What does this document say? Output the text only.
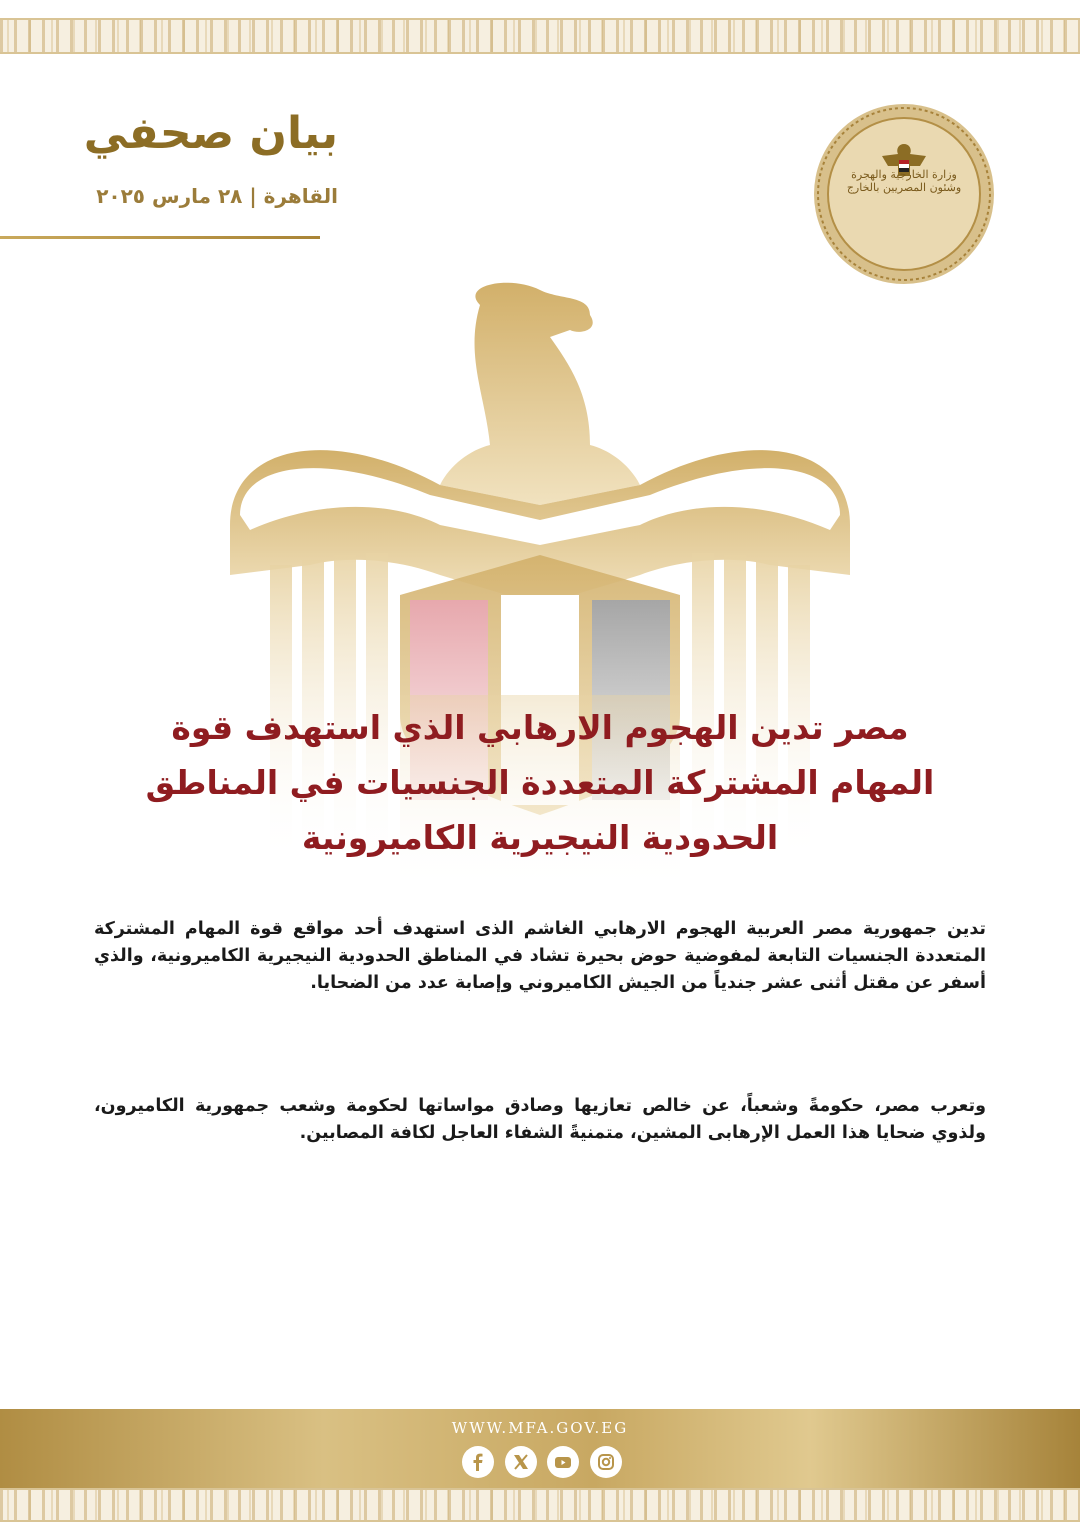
بيان صحفي
القاهرة | ٢٨ مارس ٢٠٢٥
وزارة الخارجية والهجرة وشئون المصريين بالخارج
مصر تدين الهجوم الارهابي الذي استهدف قوة المهام المشتركة المتعددة الجنسيات في المناطق الحدودية النيجيرية الكاميرونية

تدين جمهورية مصر العربية الهجوم الارهابي الغاشم الذى استهدف أحد مواقع قوة المهام المشتركة المتعددة الجنسيات التابعة لمفوضية حوض بحيرة تشاد في المناطق الحدودية النيجيرية الكاميرونية، والذي أسفر عن مقتل أثنى عشر جندياً من الجيش الكاميروني وإصابة عدد من الضحايا.

وتعرب مصر، حكومةً وشعباً، عن خالص تعازيها وصادق مواساتها لحكومة وشعب جمهورية الكاميرون، ولذوي ضحايا هذا العمل الإرهابى المشين، متمنيةً الشفاء العاجل لكافة المصابين.

WWW.MFA.GOV.EG
